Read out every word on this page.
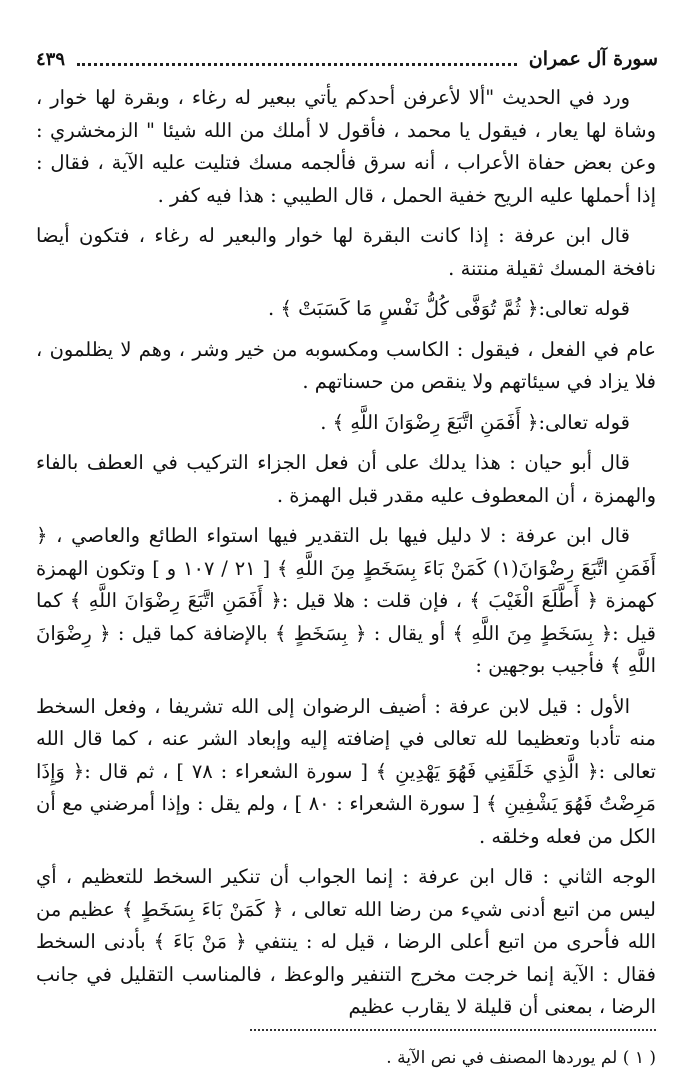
سورة آل عمران
٤٣٩

ورد في الحديث "ألا لأعرفن أحدكم يأتي ببعير له رغاء ، وبقرة لها خوار ، وشاة لها يعار ، فيقول يا محمد ، فأقول لا أملك من الله شيئا " الزمخشري : وعن بعض حفاة الأعراب ، أنه سرق فألجمه مسك فتليت عليه الآية ، فقال : إذا أحملها عليه الريح خفية الحمل ، قال الطيبي : هذا فيه كفر .

قال ابن عرفة : إذا كانت البقرة لها خوار والبعير له رغاء ، فتكون أيضا نافخة المسك ثقيلة منتنة .

قوله تعالى:﴿ ثُمَّ تُوَفَّى كُلُّ نَفْسٍ مَا كَسَبَتْ ﴾ .

عام في الفعل ، فيقول : الكاسب ومكسوبه من خير وشر ، وهم لا يظلمون ، فلا يزاد في سيئاتهم ولا ينقص من حسناتهم .

قوله تعالى:﴿ أَفَمَنِ اتَّبَعَ رِضْوَانَ اللَّهِ ﴾ .

قال أبو حيان : هذا يدلك على أن فعل الجزاء التركيب في العطف بالفاء والهمزة ، أن المعطوف عليه مقدر قبل الهمزة .

قال ابن عرفة : لا دليل فيها بل التقدير فيها استواء الطائع والعاصي ، ﴿ أَفَمَنِ اتَّبَعَ رِضْوَانَ(١) كَمَنْ بَاءَ بِسَخَطٍ مِنَ اللَّهِ ﴾ [ ٢١ / ١٠٧ و ] وتكون الهمزة كهمزة ﴿ أَطَّلَعَ الْغَيْبَ ﴾ ، فإن قلت : هلا قيل :﴿ أَفَمَنِ اتَّبَعَ رِضْوَانَ اللَّهِ ﴾ كما قيل :﴿ بِسَخَطٍ مِنَ اللَّهِ ﴾ أو يقال : ﴿ بِسَخَطٍ ﴾ بالإضافة كما قيل : ﴿ رِضْوَانَ اللَّهِ ﴾ فأجيب بوجهين :

الأول : قيل لابن عرفة : أضيف الرضوان إلى الله تشريفا ، وفعل السخط منه تأدبا وتعظيما لله تعالى في إضافته إليه وإبعاد الشر عنه ، كما قال الله تعالى :﴿ الَّذِي خَلَقَنِي فَهُوَ يَهْدِينِ ﴾ [ سورة الشعراء : ٧٨ ] ، ثم قال :﴿ وَإِذَا مَرِضْتُ فَهُوَ يَشْفِينِ ﴾ [ سورة الشعراء : ٨٠ ] ، ولم يقل : وإذا أمرضني مع أن الكل من فعله وخلقه .

الوجه الثاني : قال ابن عرفة : إنما الجواب أن تنكير السخط للتعظيم ، أي ليس من اتبع أدنى شيء من رضا الله تعالى ، ﴿ كَمَنْ بَاءَ بِسَخَطٍ ﴾ عظيم من الله فأحرى من اتبع أعلى الرضا ، قيل له : ينتفي ﴿ مَنْ بَاءَ ﴾ بأدنى السخط فقال : الآية إنما خرجت مخرج التنفير والوعظ ، فالمناسب التقليل في جانب الرضا ، بمعنى أن قليلة لا يقارب عظيم

( ١ ) لم يوردها المصنف في نص الآية .
